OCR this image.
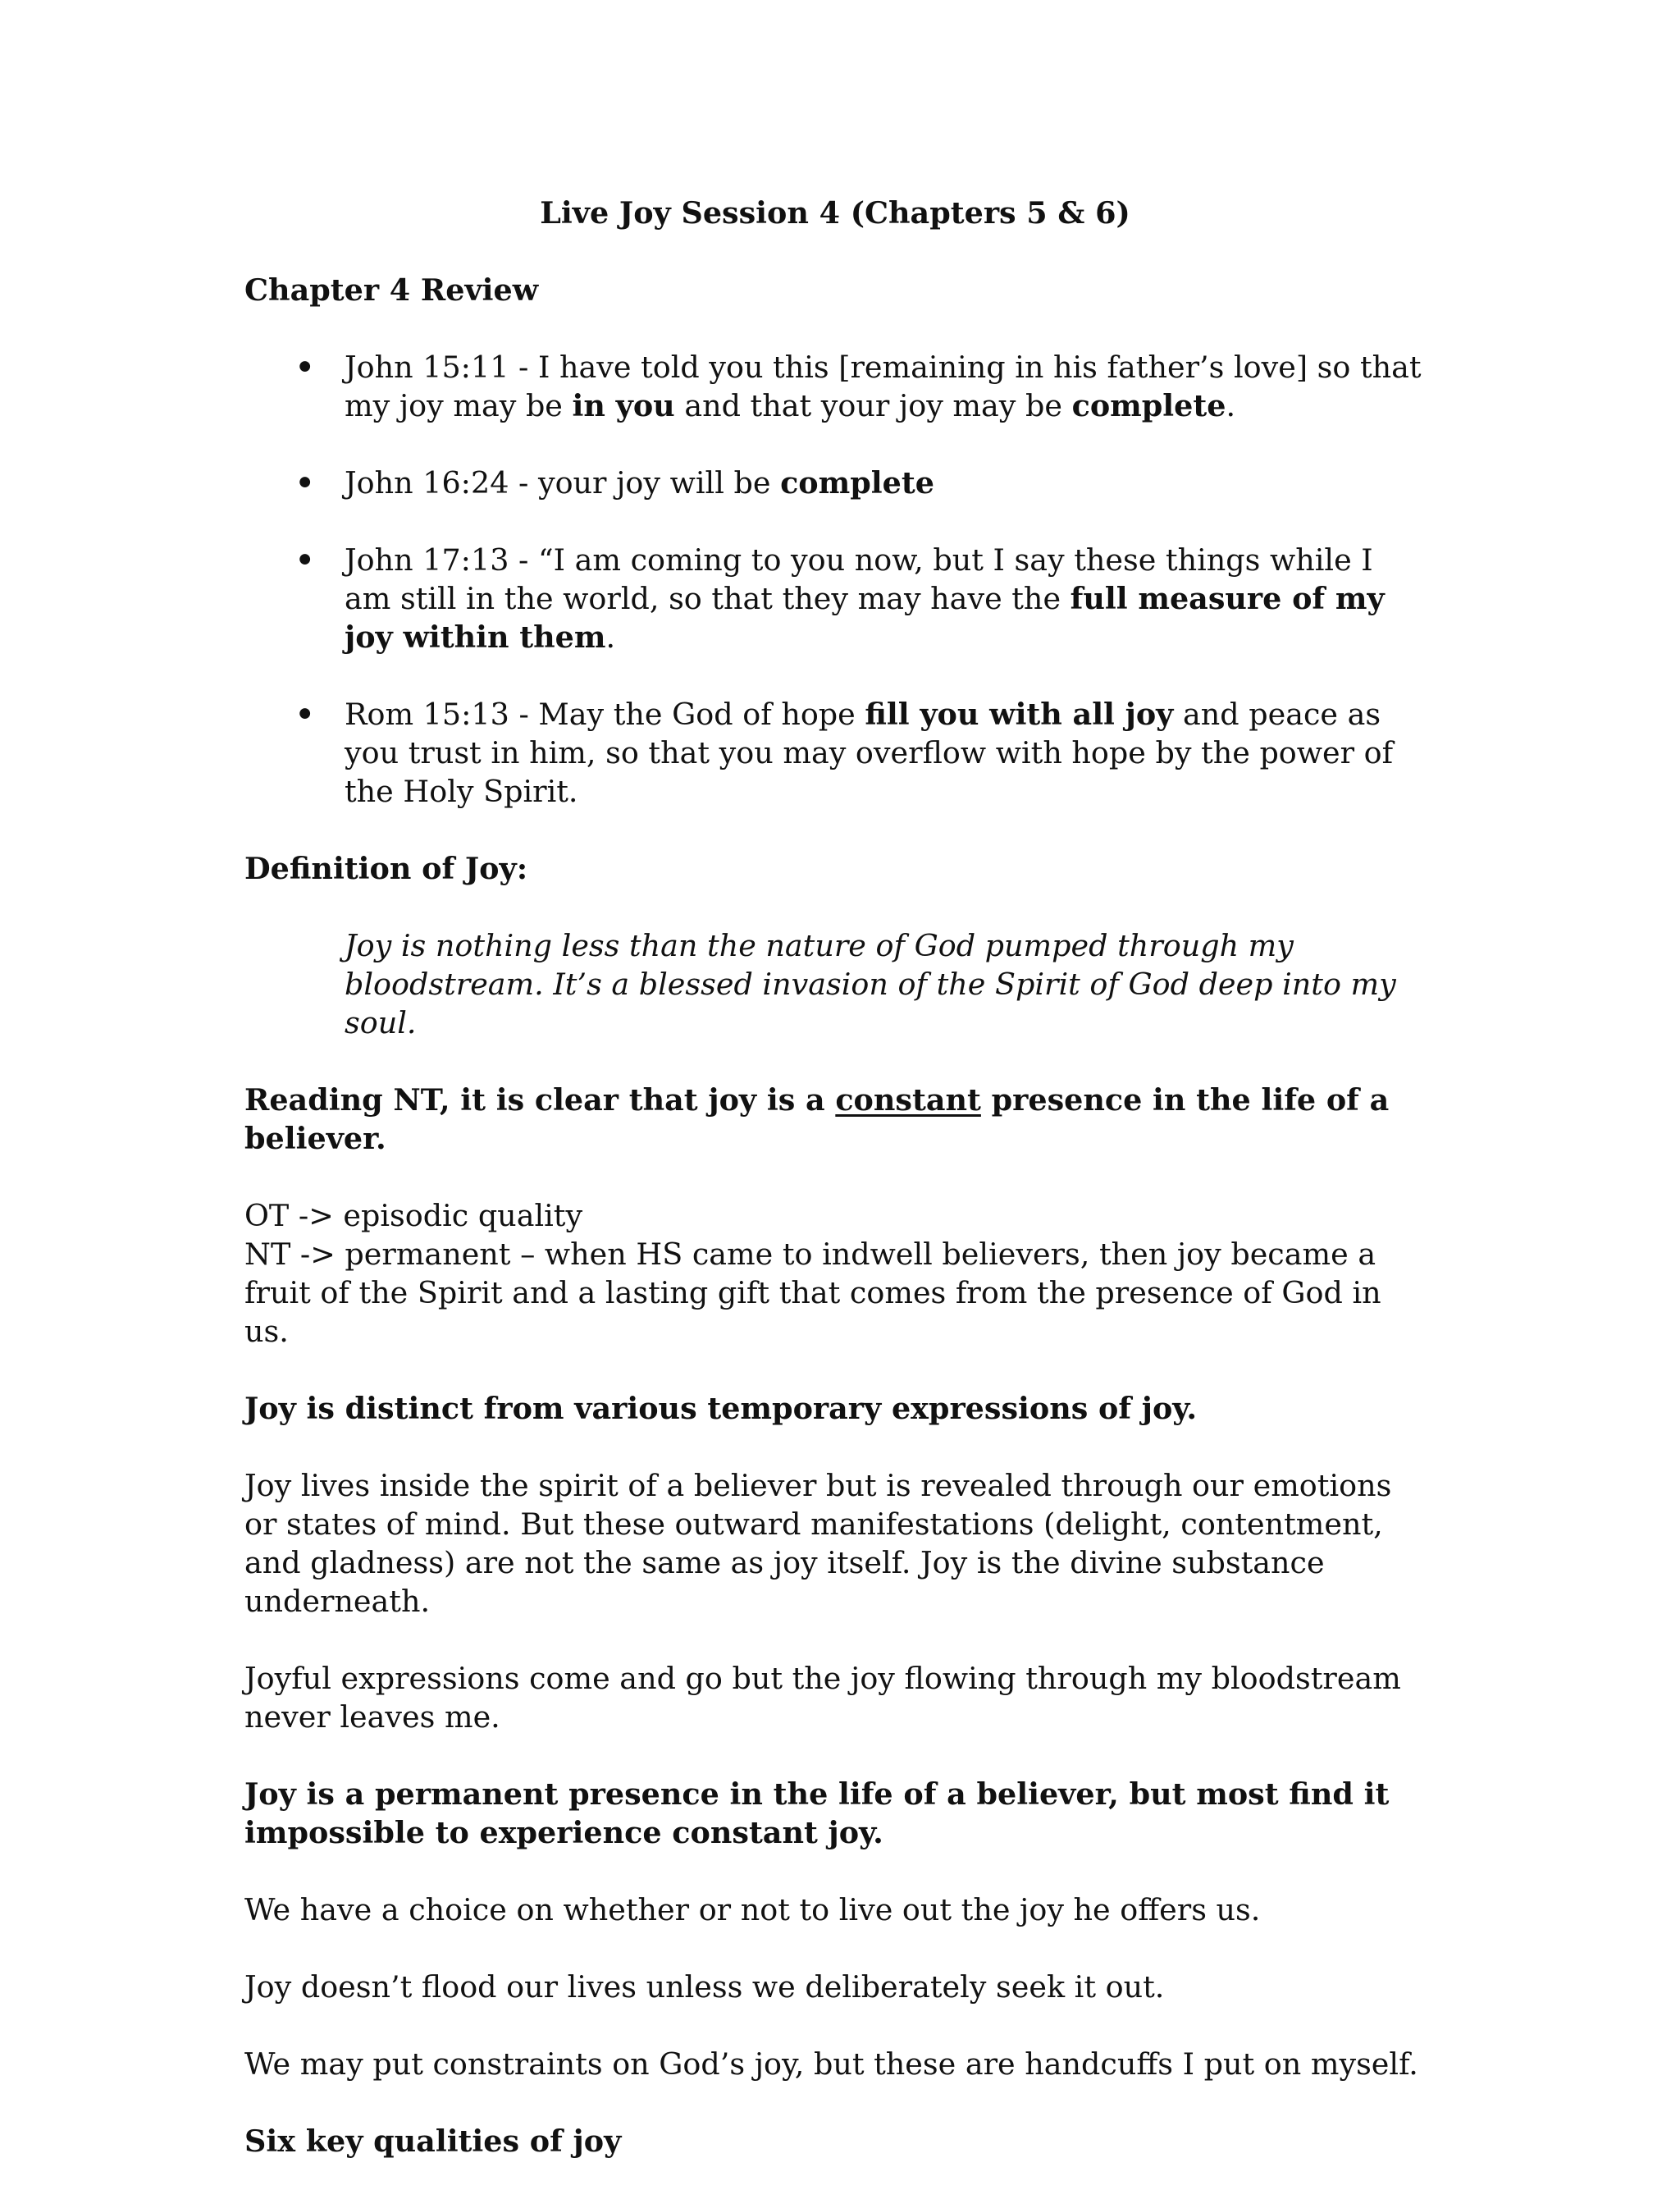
Live Joy Session 4 (Chapters 5 & 6)
Chapter 4 Review
• John 15:11 - I have told you this [remaining in his father’s love] so that my joy may be in you and that your joy may be complete.
• John 16:24 - your joy will be complete
• John 17:13 - “I am coming to you now, but I say these things while I am still in the world, so that they may have the full measure of my joy within them.
• Rom 15:13 - May the God of hope fill you with all joy and peace as you trust in him, so that you may overflow with hope by the power of the Holy Spirit.
Definition of Joy:
Joy is nothing less than the nature of God pumped through my bloodstream. It’s a blessed invasion of the Spirit of God deep into my soul.
Reading NT, it is clear that joy is a constant presence in the life of a believer.
OT -> episodic quality
NT -> permanent – when HS came to indwell believers, then joy became a fruit of the Spirit and a lasting gift that comes from the presence of God in us.
Joy is distinct from various temporary expressions of joy.
Joy lives inside the spirit of a believer but is revealed through our emotions or states of mind. But these outward manifestations (delight, contentment, and gladness) are not the same as joy itself. Joy is the divine substance underneath.
Joyful expressions come and go but the joy flowing through my bloodstream never leaves me.
Joy is a permanent presence in the life of a believer, but most find it impossible to experience constant joy.
We have a choice on whether or not to live out the joy he offers us.
Joy doesn’t flood our lives unless we deliberately seek it out.
We may put constraints on God’s joy, but these are handcuffs I put on myself.
Six key qualities of joy
